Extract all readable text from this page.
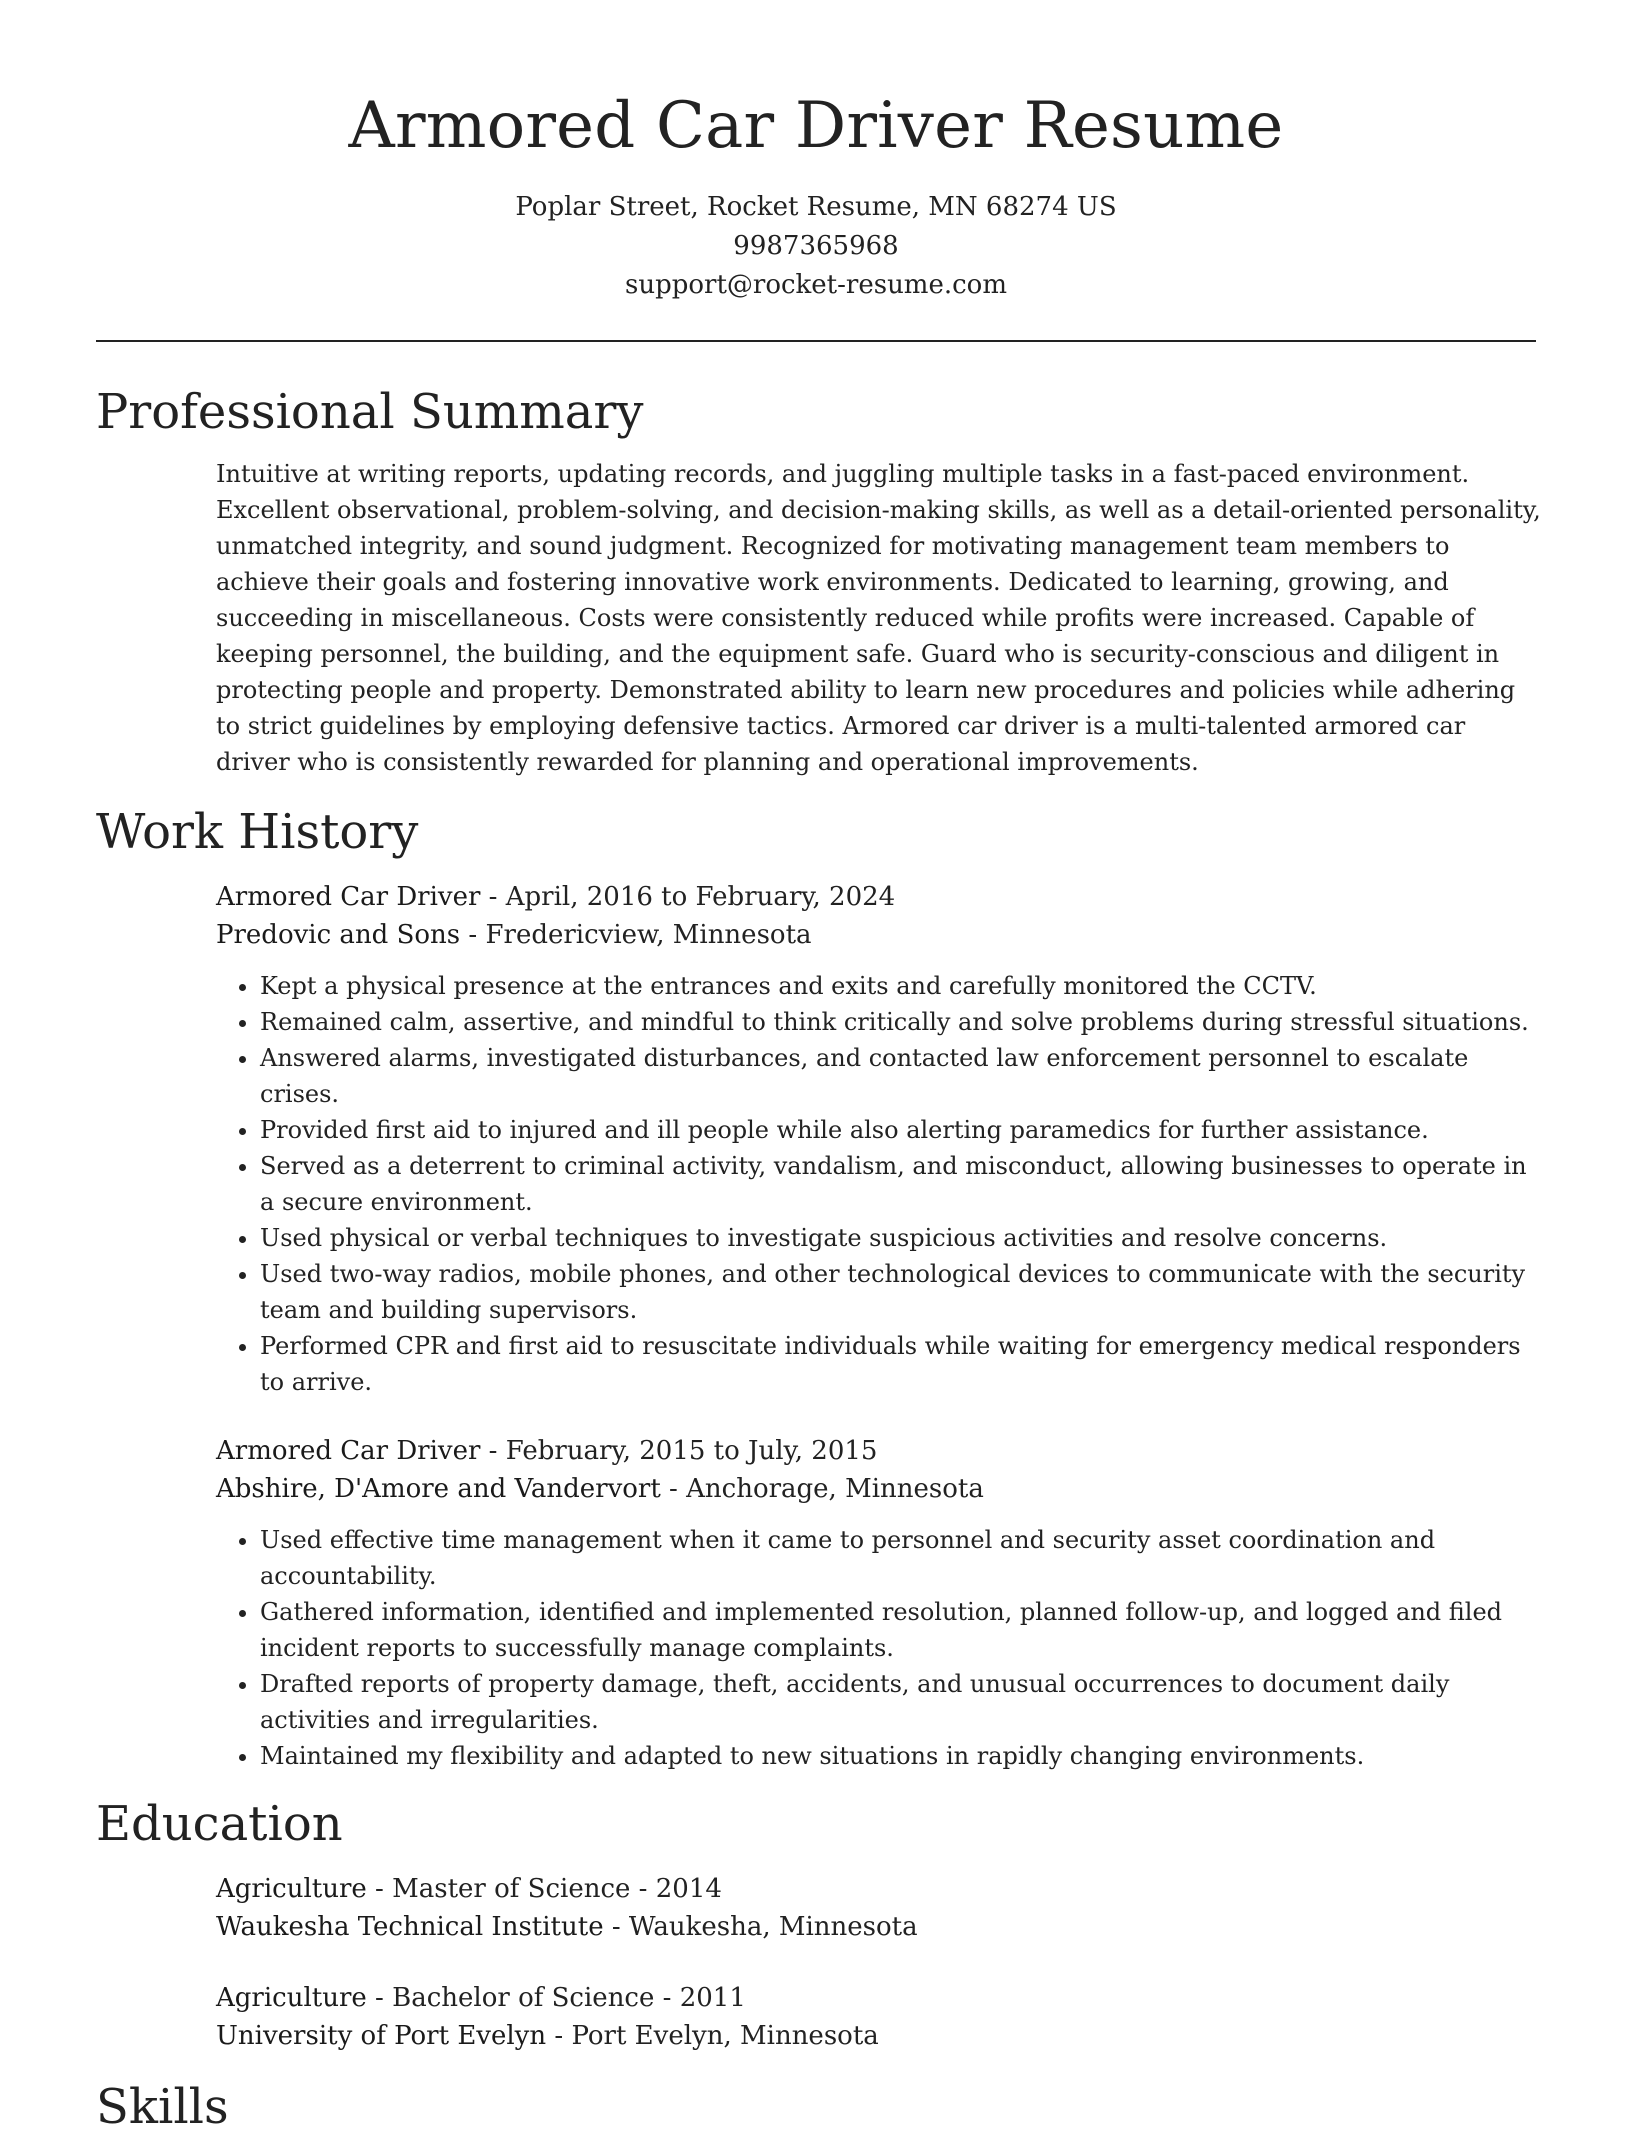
Armored Car Driver Resume
Poplar Street, Rocket Resume, MN 68274 US
9987365968
support@rocket-resume.com
Professional Summary

Intuitive at writing reports, updating records, and juggling multiple tasks in a fast-paced environment. Excellent observational, problem-solving, and decision-making skills, as well as a detail-oriented personality, unmatched integrity, and sound judgment. Recognized for motivating management team members to achieve their goals and fostering innovative work environments. Dedicated to learning, growing, and succeeding in miscellaneous. Costs were consistently reduced while profits were increased. Capable of keeping personnel, the building, and the equipment safe. Guard who is security-conscious and diligent in protecting people and property. Demonstrated ability to learn new procedures and policies while adhering to strict guidelines by employing defensive tactics. Armored car driver is a multi-talented armored car driver who is consistently rewarded for planning and operational improvements.

Work History
Armored Car Driver - April, 2016 to February, 2024
Predovic and Sons - Fredericview, Minnesota
• Kept a physical presence at the entrances and exits and carefully monitored the CCTV.
• Remained calm, assertive, and mindful to think critically and solve problems during stressful situations.
• Answered alarms, investigated disturbances, and contacted law enforcement personnel to escalate crises.
• Provided first aid to injured and ill people while also alerting paramedics for further assistance.
• Served as a deterrent to criminal activity, vandalism, and misconduct, allowing businesses to operate in a secure environment.
• Used physical or verbal techniques to investigate suspicious activities and resolve concerns.
• Used two-way radios, mobile phones, and other technological devices to communicate with the security team and building supervisors.
• Performed CPR and first aid to resuscitate individuals while waiting for emergency medical responders to arrive.
Armored Car Driver - February, 2015 to July, 2015
Abshire, D'Amore and Vandervort - Anchorage, Minnesota
• Used effective time management when it came to personnel and security asset coordination and accountability.
• Gathered information, identified and implemented resolution, planned follow-up, and logged and filed incident reports to successfully manage complaints.
• Drafted reports of property damage, theft, accidents, and unusual occurrences to document daily activities and irregularities.
• Maintained my flexibility and adapted to new situations in rapidly changing environments.
Education
Agriculture - Master of Science - 2014
Waukesha Technical Institute - Waukesha, Minnesota
Agriculture - Bachelor of Science - 2011
University of Port Evelyn - Port Evelyn, Minnesota
Skills
